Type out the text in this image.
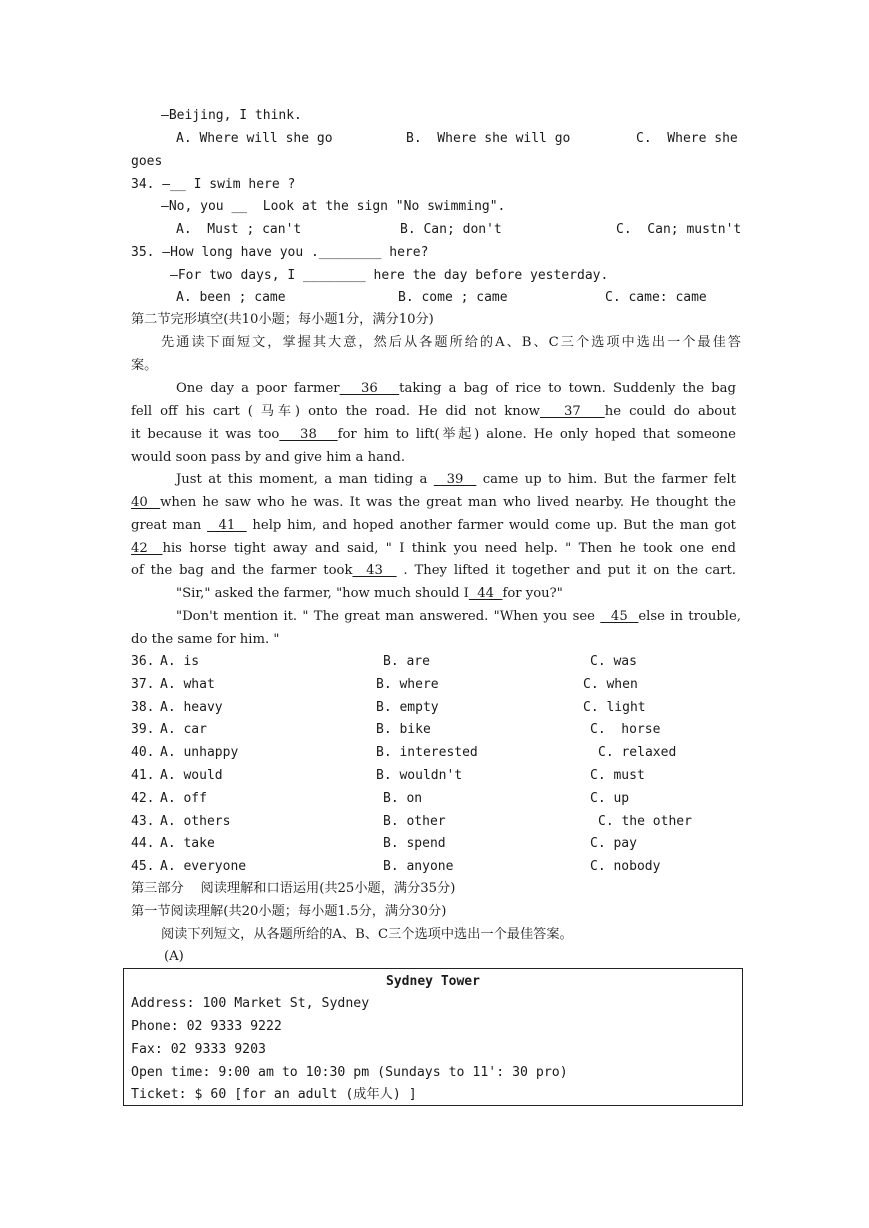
—Beijing, I think.
A. Where will she go	B.  Where she will go	C.  Where she
goes
34. —__ I swim here ?
—No, you __  Look at the sign "No swimming".
A.  Must ; can't	B. Can; don't	C.  Can; mustn't
35. —How long have you .________ here?
—For two days, I ________ here the day before yesterday.
A. been ; came	B. come ; came	C. came: came
第二节完形填空(共10小题；每小题1分，满分10分)
先通读下面短文，掌握其大意，然后从各题所给的A、B、C三个选项中选出一个最佳答
案。
One day a poor farmer   36   taking a bag of rice to town. Suddenly the bag
fell off his cart ( 马车) onto the road. He did not know   37   he could do about
it because it was too   38   for him to lift(举起) alone. He only hoped that someone
would soon pass by and give him a hand.
Just at this moment, a man tiding a   39   came up to him. But the farmer felt
40  when he saw who he was. It was the great man who lived nearby. He thought the
great man   41   help him, and hoped another farmer would come up. But the man got
42  his horse tight away and said, " I think you need help. " Then he took one end
of the bag and the farmer took  43   . They lifted it together and put it on the cart.
"Sir," asked the farmer, "how much should I  44  for you?"
"Don't mention it. " The great man answered. "When you see   45  else in trouble,
do the same for him. "
第三部分    阅读理解和口语运用(共25小题，满分35分)
第一节阅读理解(共20小题；每小题1.5分，满分30分)
阅读下列短文，从各题所给的A、B、C三个选项中选出一个最佳答案。
(A)
Sydney Tower
Address: 100 Market St, Sydney
Phone: 02 9333 9222
Fax: 02 9333 9203
Open time: 9:00 am to 10:30 pm (Sundays to 11': 30 pro)
Ticket: $ 60 [for an adult (成年人) ]
36. A. is	B. are	C. was
37. A. what	B. where	C. when
38. A. heavy	B. empty	C. light
39. A. car	B. bike	C.  horse
40. A. unhappy	B. interested	C. relaxed
41. A. would	B. wouldn't	C. must
42. A. off	B. on	C. up
43. A. others	B. other	C. the other
44. A. take	B. spend	C. pay
45. A. everyone	B. anyone	C. nobody
